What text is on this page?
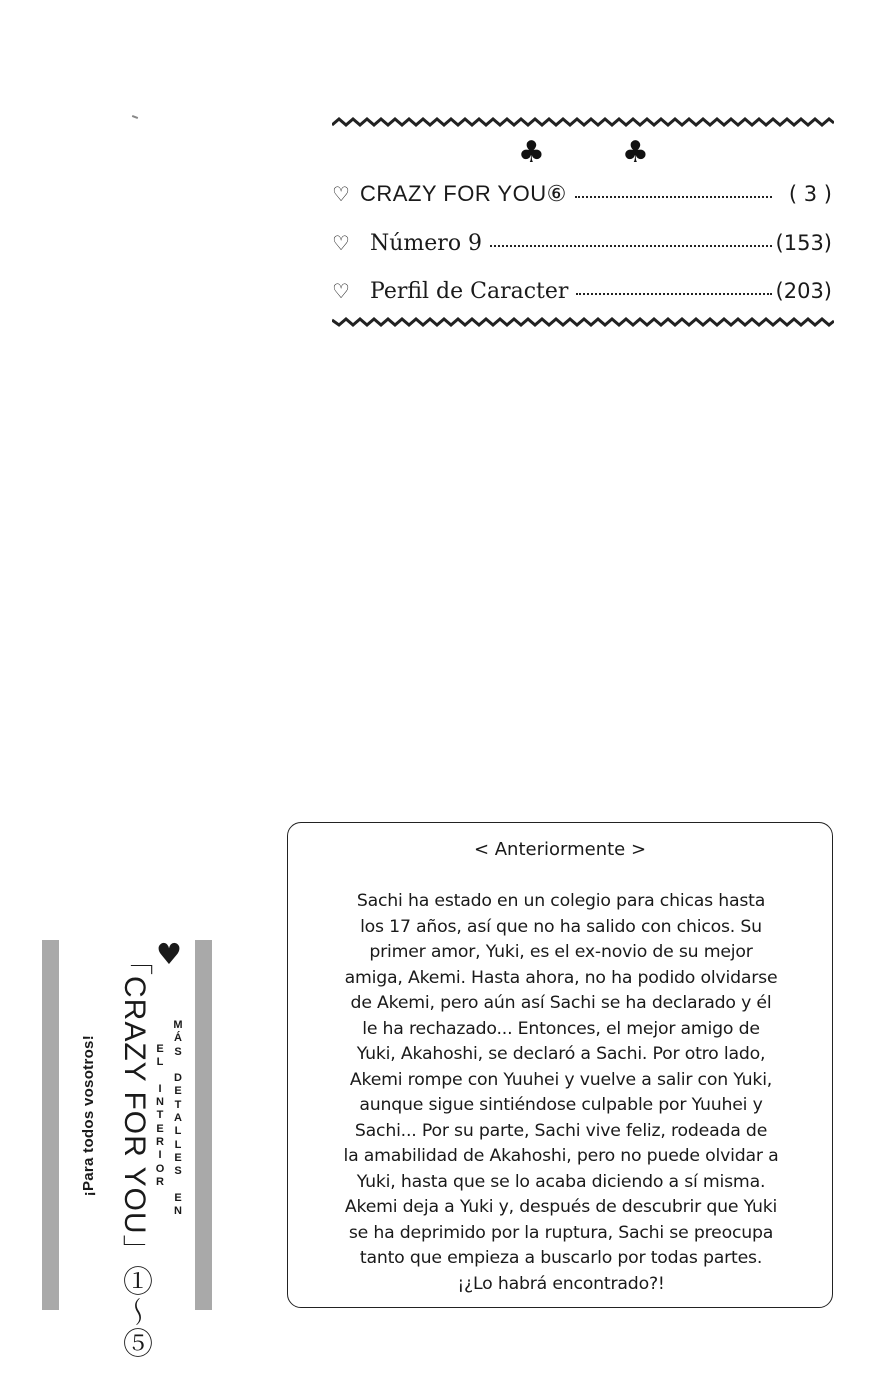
♣	♣
♡ CRAZY FOR YOU⑥	( 3 )
♡ Número 9	(153)
♡ Perfil de Caracter	(203)
< Anteriormente >
Sachi ha estado en un colegio para chicas hasta
los 17 años, así que no ha salido con chicos. Su
primer amor, Yuki, es el ex-novio de su mejor
amiga, Akemi. Hasta ahora, no ha podido olvidarse
de Akemi, pero aún así Sachi se ha declarado y él
le ha rechazado... Entonces, el mejor amigo de
Yuki, Akahoshi, se declaró a Sachi. Por otro lado,
Akemi rompe con Yuuhei y vuelve a salir con Yuki,
aunque sigue sintiéndose culpable por Yuuhei y
Sachi... Por su parte, Sachi vive feliz, rodeada de
la amabilidad de Akahoshi, pero no puede olvidar a
Yuki, hasta que se lo acaba diciendo a sí misma.
Akemi deja a Yuki y, después de descubrir que Yuki
se ha deprimido por la ruptura, Sachi se preocupa
tanto que empieza a buscarlo por todas partes.
¡¿Lo habrá encontrado?!
¡Para todos vosotros! 「CRAZY FOR YOU」①～⑤ ♥
E
L

I
N
T
E
R
I
O
R
M
Á
S

D
E
T
A
L
L
E
S

E
N
